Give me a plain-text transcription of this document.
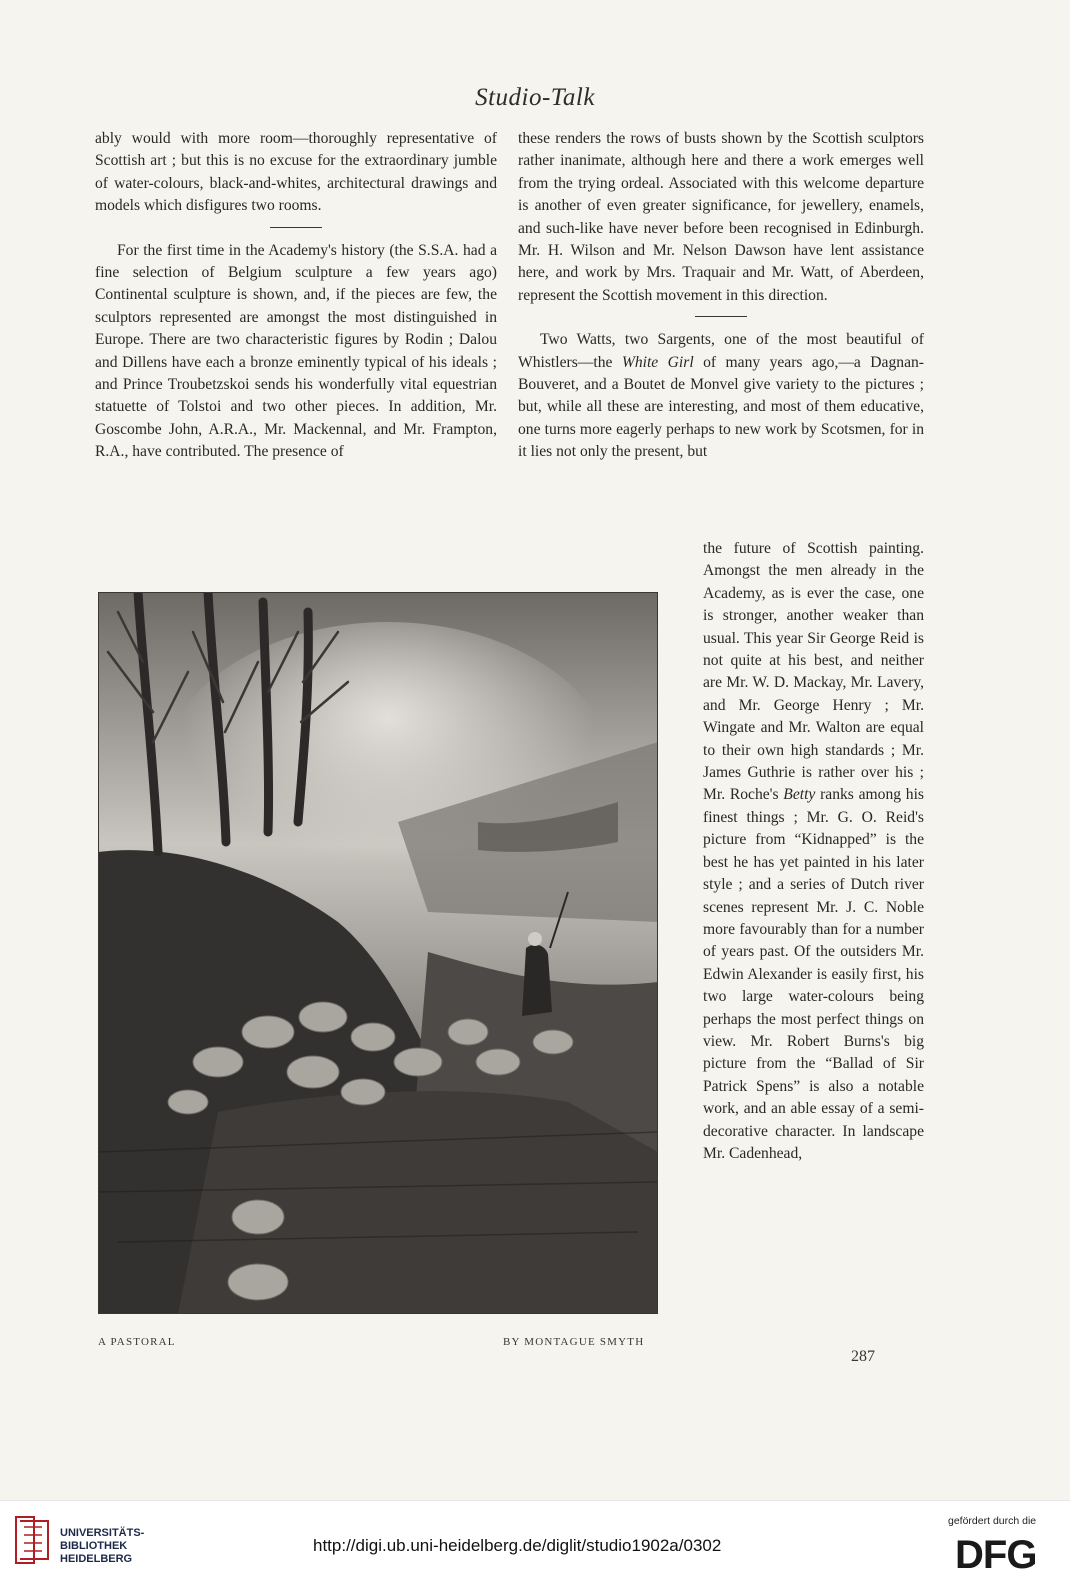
Studio-Talk

ably would with more room—thoroughly representative of Scottish art ; but this is no excuse for the extraordinary jumble of water-colours, black-and-whites, architectural drawings and models which disfigures two rooms.

For the first time in the Academy's history (the S.S.A. had a fine selection of Belgium sculpture a few years ago) Continental sculpture is shown, and, if the pieces are few, the sculptors represented are amongst the most distinguished in Europe. There are two characteristic figures by Rodin ; Dalou and Dillens have each a bronze eminently typical of his ideals ; and Prince Troubetzskoi sends his wonderfully vital equestrian statuette of Tolstoi and two other pieces. In addition, Mr. Goscombe John, A.R.A., Mr. Mackennal, and Mr. Frampton, R.A., have contributed. The presence of

these renders the rows of busts shown by the Scottish sculptors rather inanimate, although here and there a work emerges well from the trying ordeal. Associated with this welcome departure is another of even greater significance, for jewellery, enamels, and such-like have never before been recognised in Edinburgh. Mr. H. Wilson and Mr. Nelson Dawson have lent assistance here, and work by Mrs. Traquair and Mr. Watt, of Aberdeen, represent the Scottish movement in this direction.

Two Watts, two Sargents, one of the most beautiful of Whistlers—the White Girl of many years ago,—a Dagnan-Bouveret, and a Boutet de Monvel give variety to the pictures ; but, while all these are interesting, and most of them educative, one turns more eagerly perhaps to new work by Scotsmen, for in it lies not only the present, but

the future of Scottish painting. Amongst the men already in the Academy, as is ever the case, one is stronger, another weaker than usual. This year Sir George Reid is not quite at his best, and neither are Mr. W. D. Mackay, Mr. Lavery, and Mr. George Henry ; Mr. Wingate and Mr. Walton are equal to their own high standards ; Mr. James Guthrie is rather over his ; Mr. Roche's Betty ranks among his finest things ; Mr. G. O. Reid's picture from “Kidnapped” is the best he has yet painted in his later style ; and a series of Dutch river scenes represent Mr. J. C. Noble more favourably than for a number of years past. Of the outsiders Mr. Edwin Alexander is easily first, his two large water-colours being perhaps the most perfect things on view. Mr. Robert Burns's big picture from the “Ballad of Sir Patrick Spens” is also a notable work, and an able essay of a semi-decorative character. In landscape Mr. Cadenhead,

A PASTORAL	BY MONTAGUE SMYTH
287
UNIVERSITÄTS-
BIBLIOTHEK
HEIDELBERG
http://digi.ub.uni-heidelberg.de/diglit/studio1902a/0302
gefördert durch die
DFG
